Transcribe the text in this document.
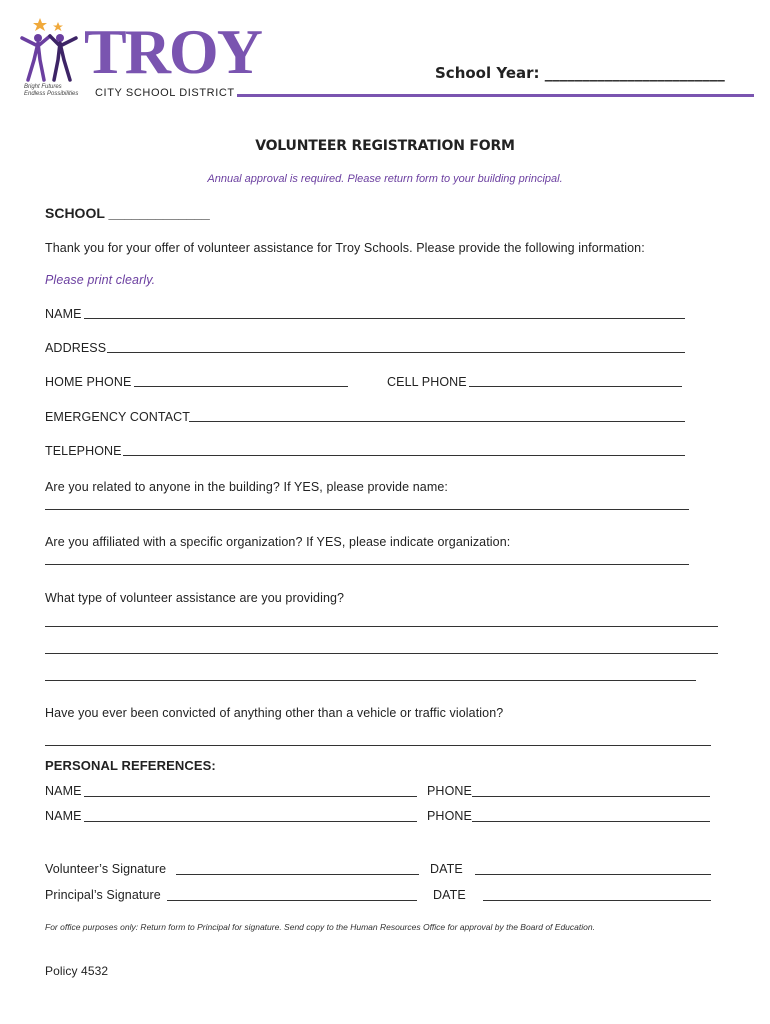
TROY
CITY SCHOOL DISTRICT
Bright Futures Endless Possibilities
School Year: ________________________
VOLUNTEER REGISTRATION FORM
Annual approval is required. Please return form to your building principal.
SCHOOL _____________
Thank you for your offer of volunteer assistance for Troy Schools. Please provide the following information:
Please print clearly.
NAME
ADDRESS
HOME PHONE	CELL PHONE
EMERGENCY CONTACT
TELEPHONE
Are you related to anyone in the building? If YES, please provide name:
Are you affiliated with a specific organization? If YES, please indicate organization:
What type of volunteer assistance are you providing?
Have you ever been convicted of anything other than a vehicle or traffic violation?
PERSONAL REFERENCES:
NAME	PHONE
NAME	PHONE
Volunteer’s Signature	DATE
Principal’s Signature	DATE
For office purposes only: Return form to Principal for signature. Send copy to the Human Resources Office for approval by the Board of Education.
Policy 4532
